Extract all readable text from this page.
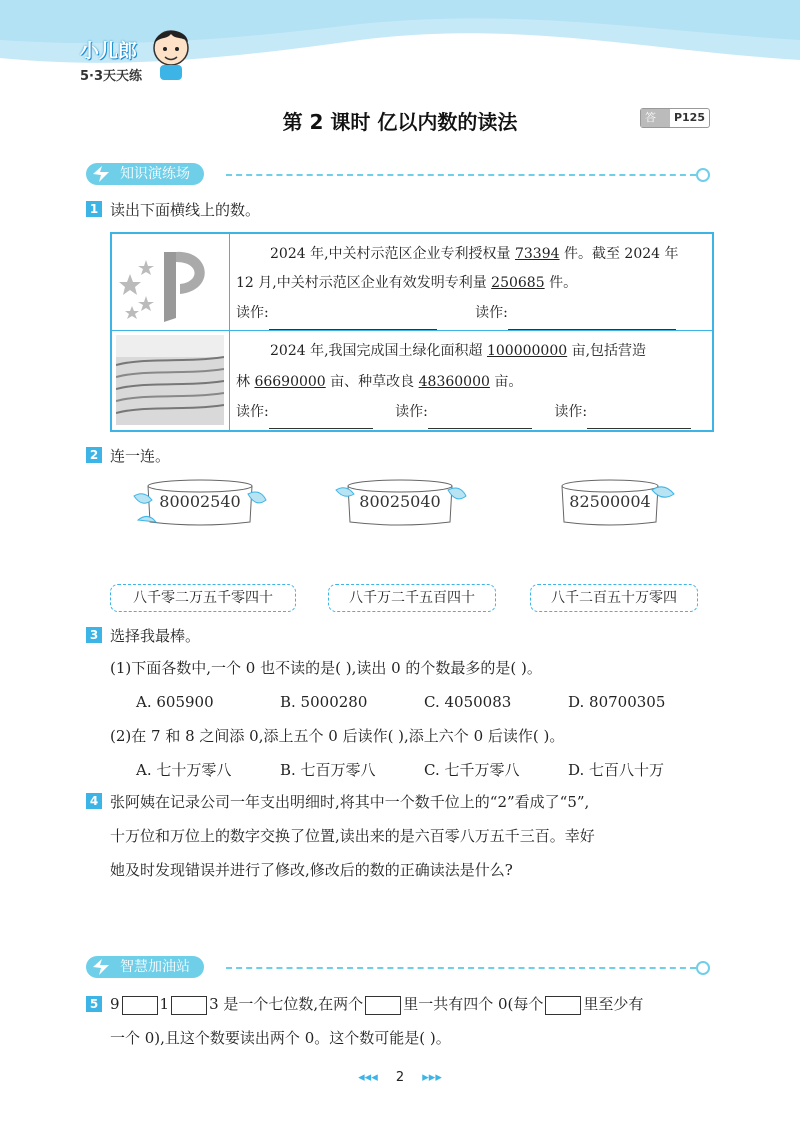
小儿郎
5·3天天练
第 2 课时 亿以内数的读法	答案
P125
知识演练场
1 读出下面横线上的数。
2024 年,中关村示范区企业专利授权量 73394 件。截至 2024 年
12 月,中关村示范区企业有效发明专利量 250685 件。
读作:	读作:
2024 年,我国完成国土绿化面积超 100000000 亩,包括营造
林 66690000 亩、种草改良 48360000 亩。
读作:	读作:	读作:
2 连一连。
80002540	80025040	82500004
八千零二万五千零四十	八千万二千五百四十	八千二百五十万零四
3 选择我最棒。
(1)下面各数中,一个 0 也不读的是( ),读出 0 的个数最多的是( )。
A. 605900	B. 5000280	C. 4050083	D. 80700305
(2)在 7 和 8 之间添 0,添上五个 0 后读作( ),添上六个 0 后读作( )。
A. 七十万零八	B. 七百万零八	C. 七千万零八	D. 七百八十万
4 张阿姨在记录公司一年支出明细时,将其中一个数千位上的“2”看成了“5”,
十万位和万位上的数字交换了位置,读出来的是六百零八万五千三百。幸好
她及时发现错误并进行了修改,修改后的数的正确读法是什么?
智慧加油站
5 9	1	3 是一个七位数,在两个	里一共有四个 0(每个	里至少有
一个 0),且这个数要读出两个 0。这个数可能是( )。
◂◂◂ 2 ▸▸▸
